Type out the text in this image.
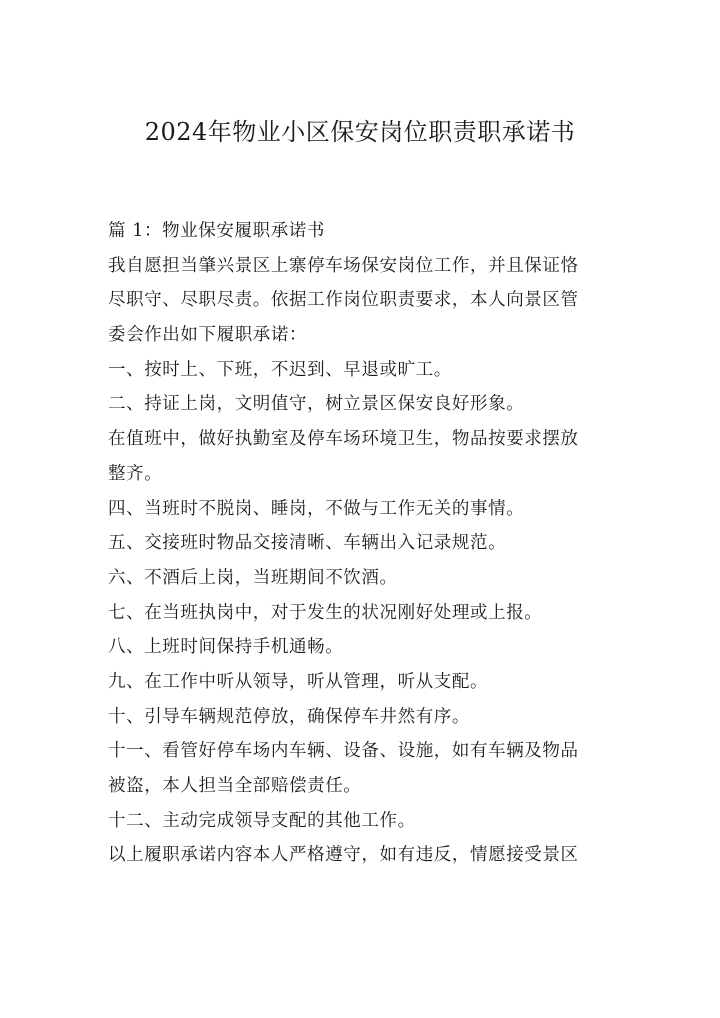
2024年物业小区保安岗位职责职承诺书
篇 1：物业保安履职承诺书
我自愿担当肇兴景区上寨停车场保安岗位工作，并且保证恪
尽职守、尽职尽责。依据工作岗位职责要求，本人向景区管
委会作出如下履职承诺：
一、按时上、下班，不迟到、早退或旷工。
二、持证上岗，文明值守，树立景区保安良好形象。
在值班中，做好执勤室及停车场环境卫生，物品按要求摆放
整齐。
四、当班时不脱岗、睡岗，不做与工作无关的事情。
五、交接班时物品交接清晰、车辆出入记录规范。
六、不酒后上岗，当班期间不饮酒。
七、在当班执岗中，对于发生的状况刚好处理或上报。
八、上班时间保持手机通畅。
九、在工作中听从领导，听从管理，听从支配。
十、引导车辆规范停放，确保停车井然有序。
十一、看管好停车场内车辆、设备、设施，如有车辆及物品
被盗，本人担当全部赔偿责任。
十二、主动完成领导支配的其他工作。
以上履职承诺内容本人严格遵守，如有违反，情愿接受景区
